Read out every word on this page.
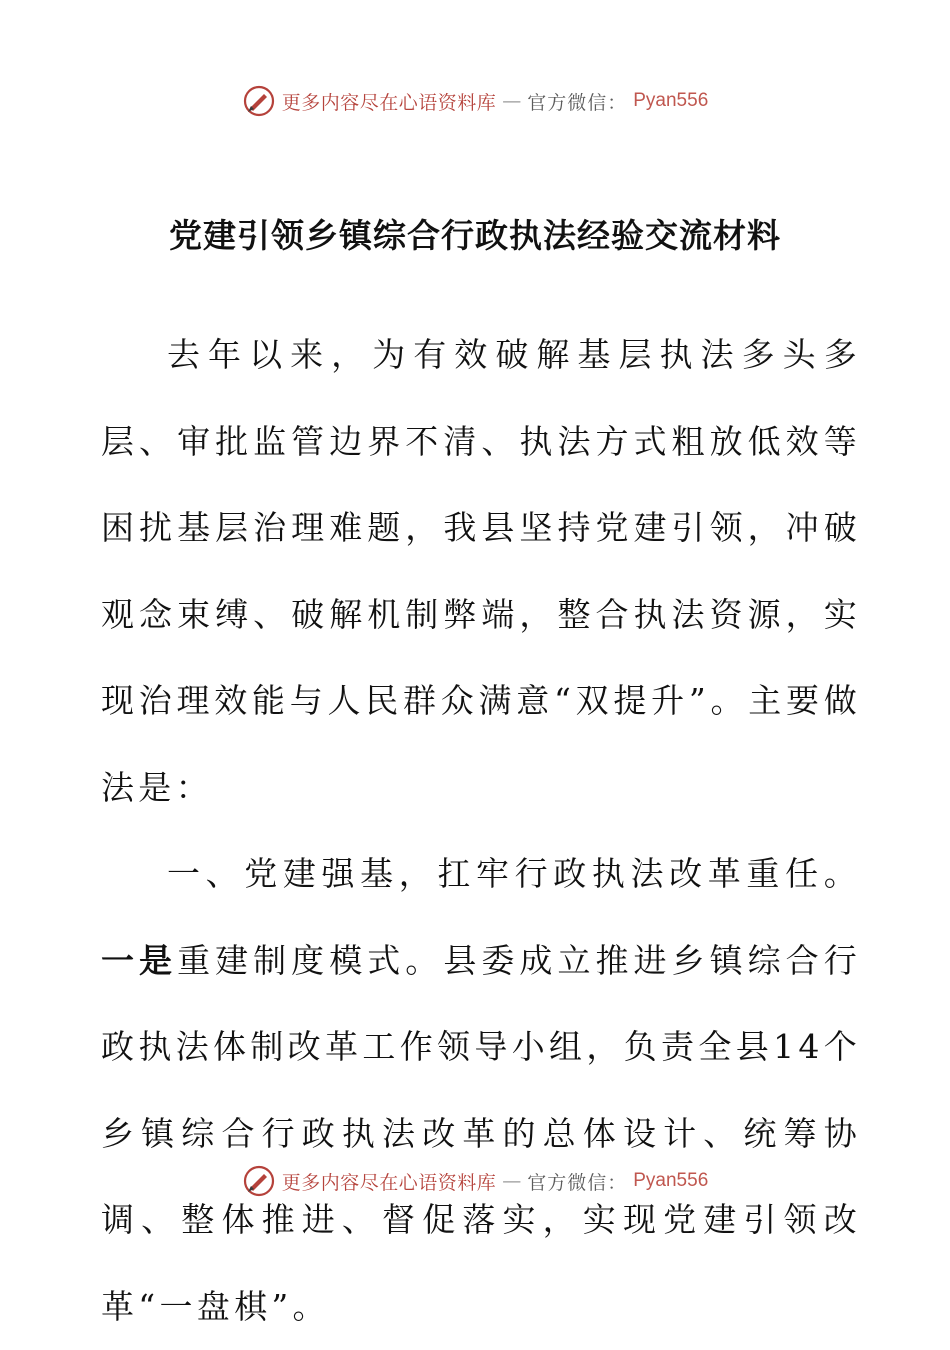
更多内容尽在心语资料库 — 官方微信： Pyan556
党建引领乡镇综合行政执法经验交流材料

去年以来，为有效破解基层执法多头多层、审批监管边界不清、执法方式粗放低效等困扰基层治理难题，我县坚持党建引领，冲破观念束缚、破解机制弊端，整合执法资源，实现治理效能与人民群众满意“双提升”。主要做法是：

一、党建强基，扛牢行政执法改革重任。一是重建制度模式。县委成立推进乡镇综合行政执法体制改革工作领导小组，负责全县14个乡镇综合行政执法改革的总体设计、统筹协调、整体推进、督促落实，实现党建引领改革“一盘棋”。

更多内容尽在心语资料库 — 官方微信： Pyan556
